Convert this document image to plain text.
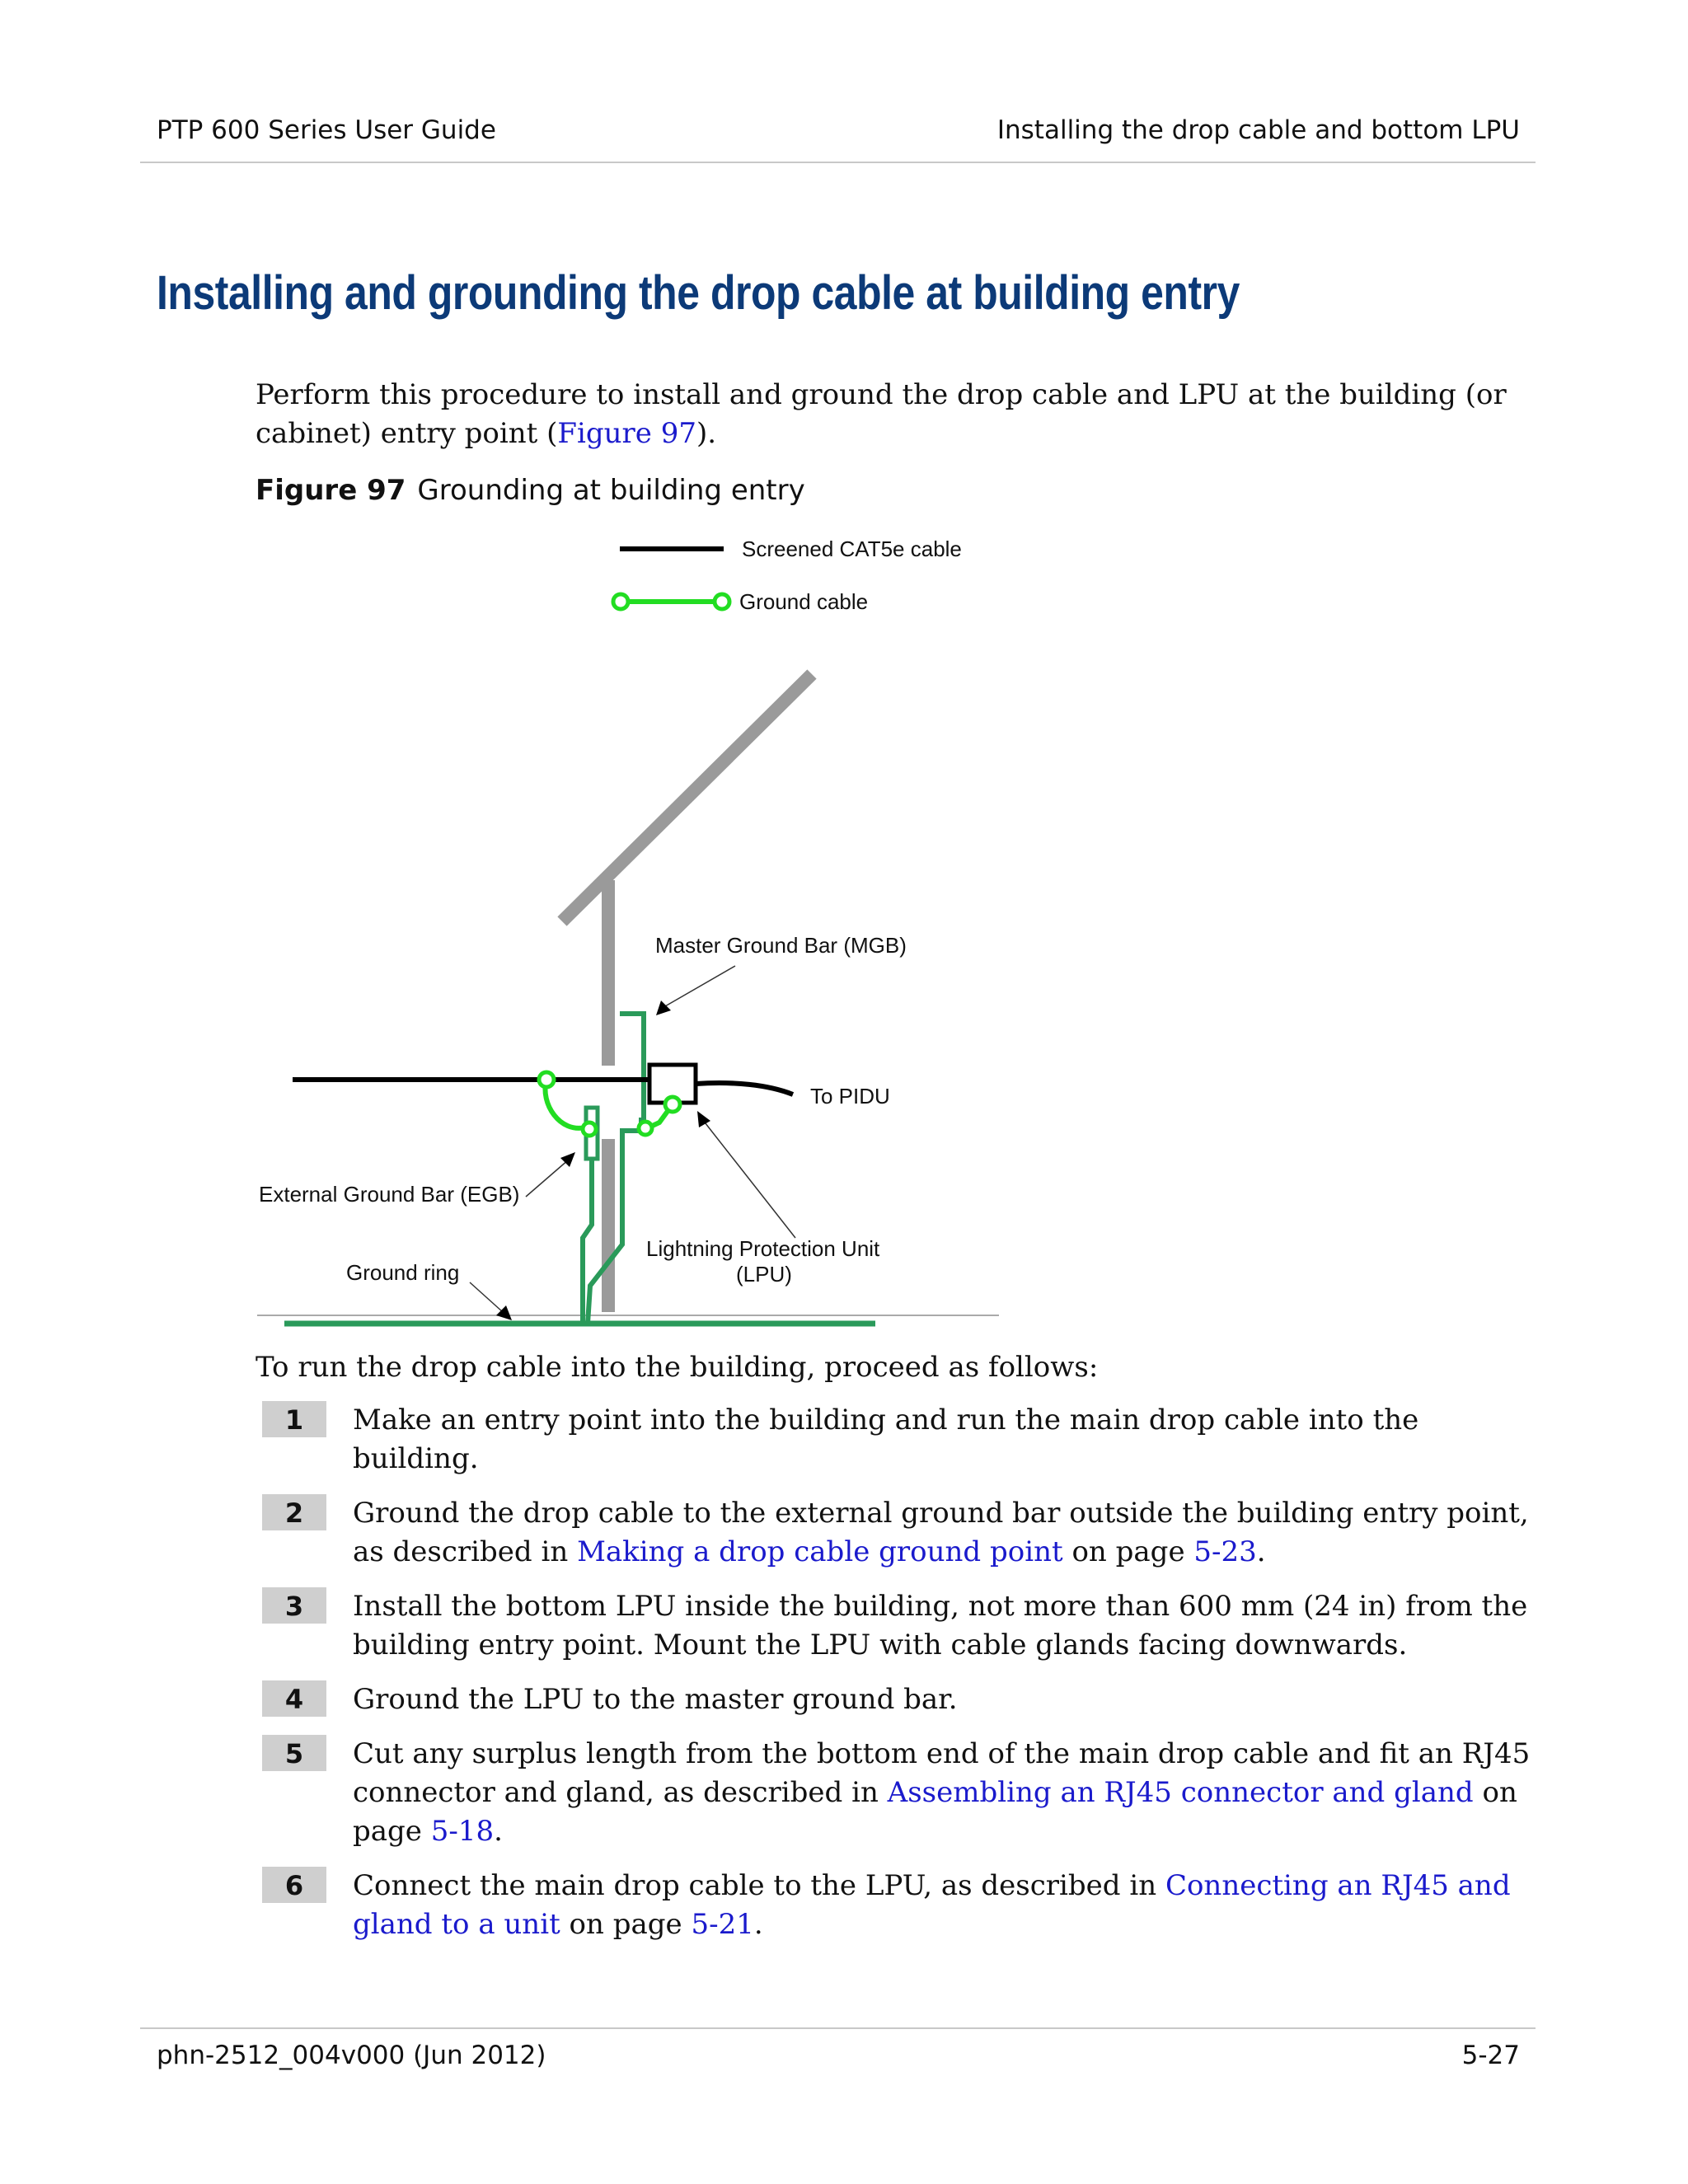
PTP 600 Series User Guide	Installing the drop cable and bottom LPU
Installing and grounding the drop cable at building entry

Perform this procedure to install and ground the drop cable and LPU at the building (or cabinet) entry point (Figure 97).

Figure 97 Grounding at building entry
Screened CAT5e cable
Ground cable
Master Ground Bar (MGB)
To PIDU
External Ground Bar (EGB)
Lightning Protection Unit
(LPU)
Ground ring
To run the drop cable into the building, proceed as follows:
1	Make an entry point into the building and run the main drop cable into the building.
2	Ground the drop cable to the external ground bar outside the building entry point, as described in Making a drop cable ground point on page 5-23.
3	Install the bottom LPU inside the building, not more than 600 mm (24 in) from the building entry point. Mount the LPU with cable glands facing downwards.
4	Ground the LPU to the master ground bar.
5	Cut any surplus length from the bottom end of the main drop cable and fit an RJ45 connector and gland, as described in Assembling an RJ45 connector and gland on page 5-18.
6	Connect the main drop cable to the LPU, as described in Connecting an RJ45 and gland to a unit on page 5-21.
phn-2512_004v000 (Jun 2012)	5-27
